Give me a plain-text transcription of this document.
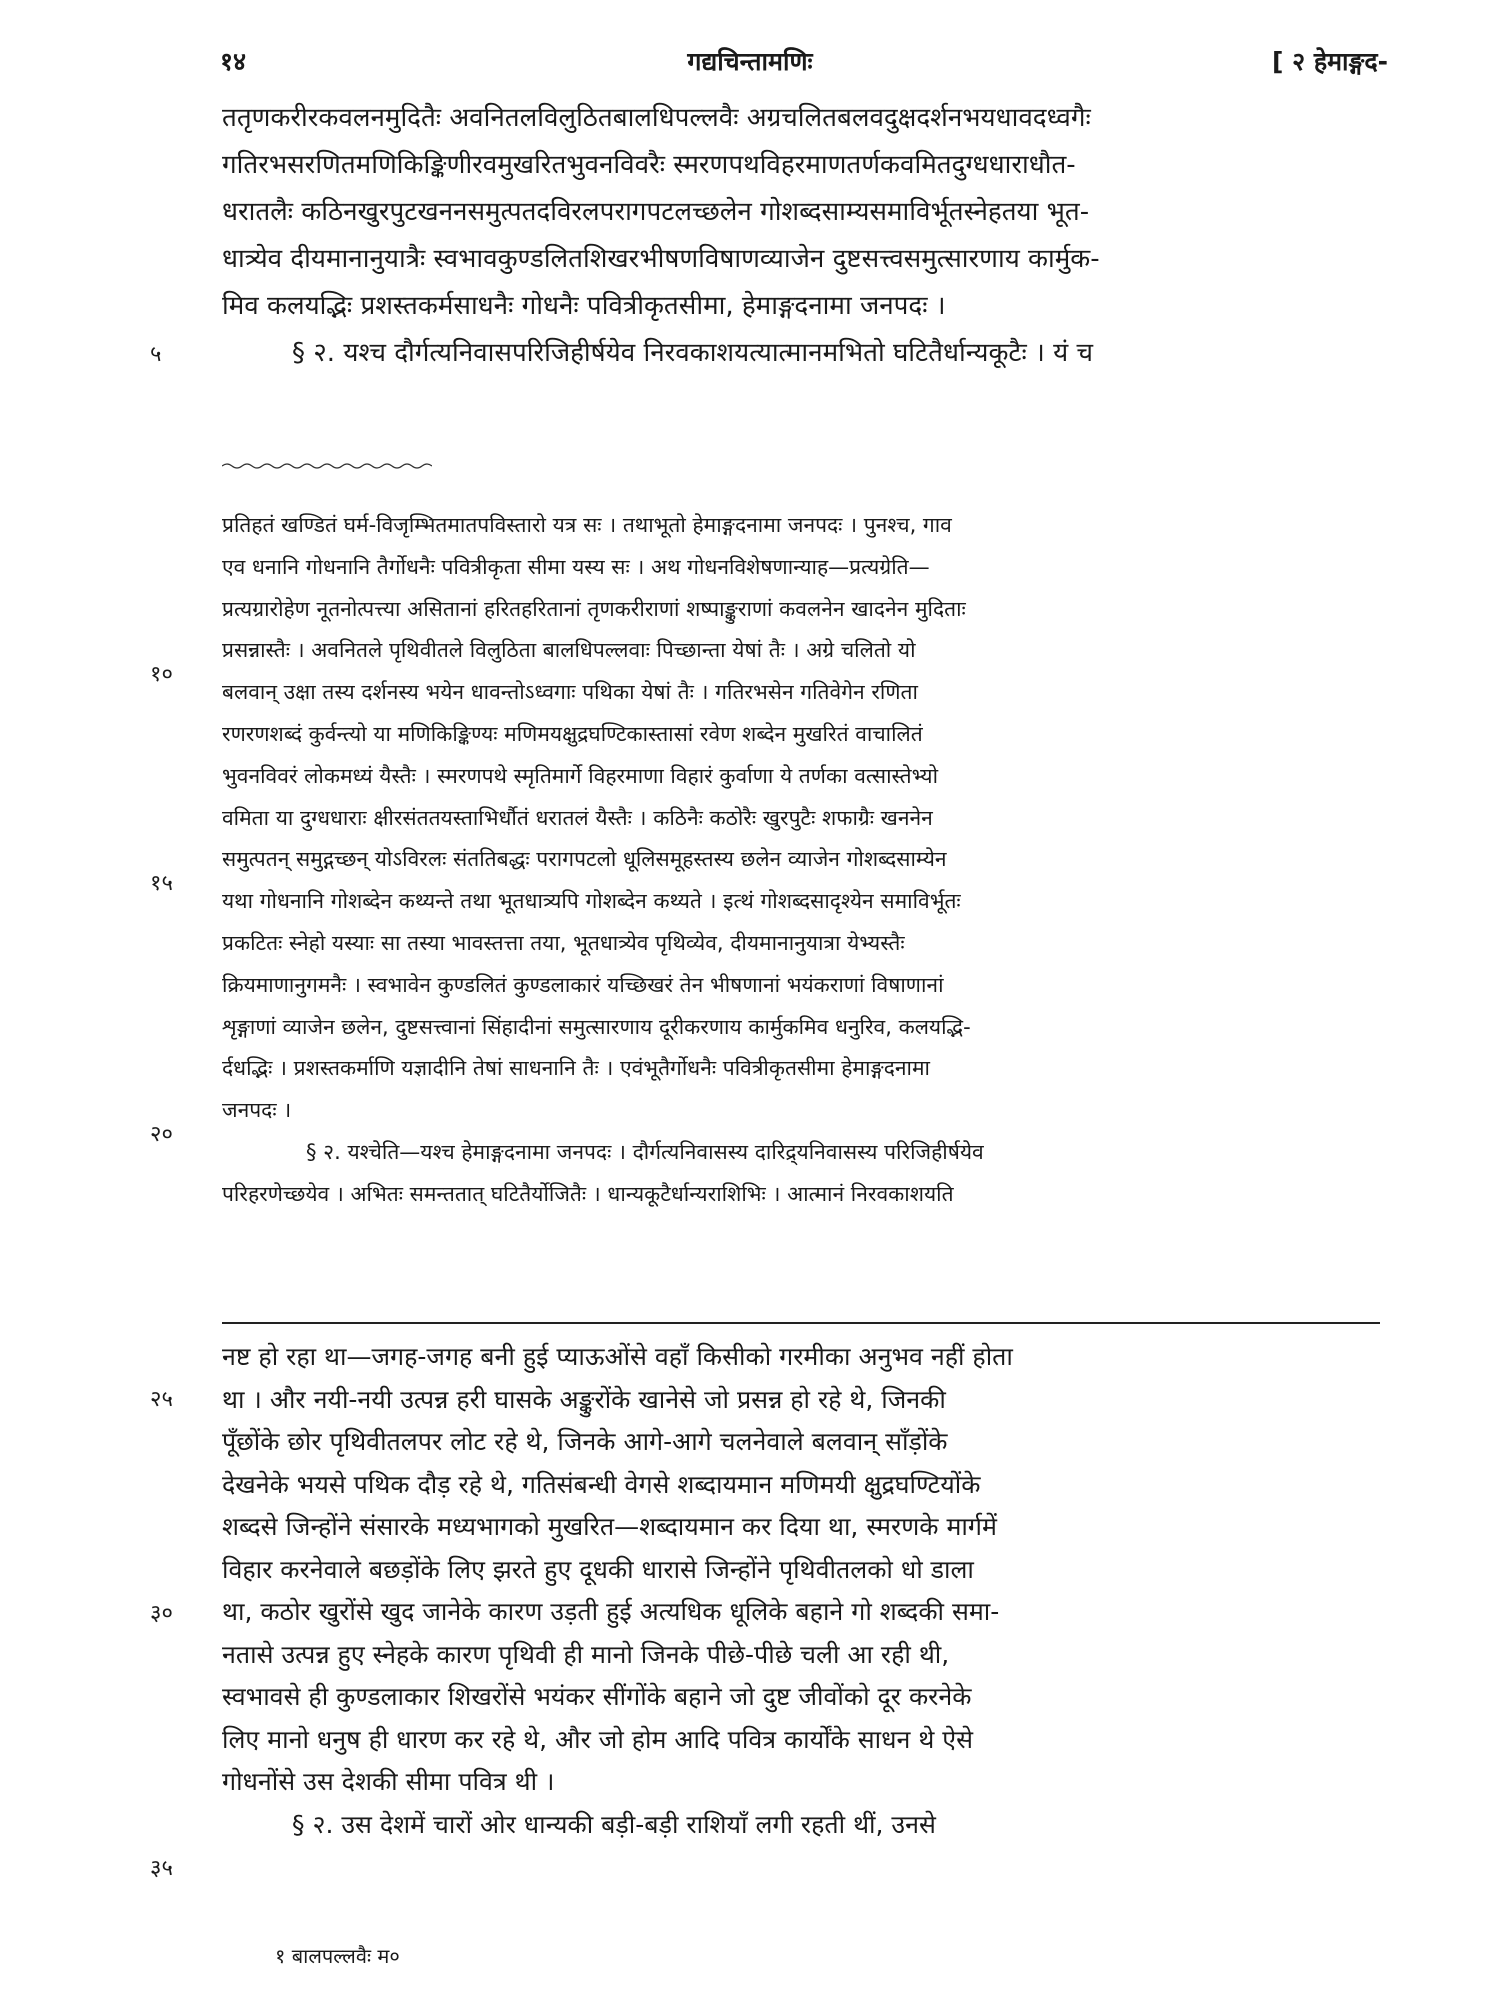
१४	गद्यचिन्तामणिः	[ २ हेमाङ्गद-
ततृणकरीरकवलनमुदितैः अवनितलविलुठितबालधिपल्लवैः अग्रचलितबलवदुक्षदर्शनभयधावदध्वगैः
गतिरभसरणितमणिकिङ्किणीरवमुखरितभुवनविवरैः स्मरणपथविहरमाणतर्णकवमितदुग्धधाराधौत-
धरातलैः कठिनखुरपुटखननसमुत्पतदविरलपरागपटलच्छलेन गोशब्दसाम्यसमाविर्भूतस्नेहतया भूत-
धात्र्येव दीयमानानुयात्रैः स्वभावकुण्डलितशिखरभीषणविषाणव्याजेन दुष्टसत्त्वसमुत्सारणाय कार्मुक-
मिव कलयद्भिः प्रशस्तकर्मसाधनैः गोधनैः पवित्रीकृतसीमा, हेमाङ्गदनामा जनपदः ।
§ २. यश्च दौर्गत्यनिवासपरिजिहीर्षयेव निरवकाशयत्यात्मानमभितो घटितैर्धान्यकूटैः । यं च
प्रतिहतं खण्डितं घर्म-विजृम्भितमातपविस्तारो यत्र सः । तथाभूतो हेमाङ्गदनामा जनपदः । पुनश्च, गाव
एव धनानि गोधनानि तैर्गोधनैः पवित्रीकृता सीमा यस्य सः । अथ गोधनविशेषणान्याह—प्रत्यग्रेति—
प्रत्यग्रारोहेण नूतनोत्पत्त्या असितानां हरितहरितानां तृणकरीराणां शष्पाङ्कुराणां कवलनेन खादनेन मुदिताः
प्रसन्नास्तैः । अवनितले पृथिवीतले विलुठिता बालधिपल्लवाः पिच्छान्ता येषां तैः । अग्रे चलितो यो
बलवान् उक्षा तस्य दर्शनस्य भयेन धावन्तोऽध्वगाः पथिका येषां तैः । गतिरभसेन गतिवेगेन रणिता
रणरणशब्दं कुर्वन्त्यो या मणिकिङ्किण्यः मणिमयक्षुद्रघण्टिकास्तासां रवेण शब्देन मुखरितं वाचालितं
भुवनविवरं लोकमध्यं यैस्तैः । स्मरणपथे स्मृतिमार्गे विहरमाणा विहारं कुर्वाणा ये तर्णका वत्सास्तेभ्यो
वमिता या दुग्धधाराः क्षीरसंततयस्ताभिर्धौतं धरातलं यैस्तैः । कठिनैः कठोरैः खुरपुटैः शफाग्रैः खननेन
समुत्पतन् समुद्गच्छन् योऽविरलः संततिबद्धः परागपटलो धूलिसमूहस्तस्य छलेन व्याजेन गोशब्दसाम्येन
यथा गोधनानि गोशब्देन कथ्यन्ते तथा भूतधात्र्यपि गोशब्देन कथ्यते । इत्थं गोशब्दसादृश्येन समाविर्भूतः
प्रकटितः स्नेहो यस्याः सा तस्या भावस्तत्ता तया, भूतधात्र्येव पृथिव्येव, दीयमानानुयात्रा येभ्यस्तैः
क्रियमाणानुगमनैः । स्वभावेन कुण्डलितं कुण्डलाकारं यच्छिखरं तेन भीषणानां भयंकराणां विषाणानां
शृङ्गाणां व्याजेन छलेन, दुष्टसत्त्वानां सिंहादीनां समुत्सारणाय दूरीकरणाय कार्मुकमिव धनुरिव, कलयद्भि-
र्दधद्भिः । प्रशस्तकर्माणि यज्ञादीनि तेषां साधनानि तैः । एवंभूतैर्गोधनैः पवित्रीकृतसीमा हेमाङ्गदनामा
जनपदः ।
§ २. यश्चेति—यश्च हेमाङ्गदनामा जनपदः । दौर्गत्यनिवासस्य दारिद्र्यनिवासस्य परिजिहीर्षयेव
परिहरणेच्छयेव । अभितः समन्ततात् घटितैर्योजितैः । धान्यकूटैर्धान्यराशिभिः । आत्मानं निरवकाशयति
नष्ट हो रहा था—जगह-जगह बनी हुई प्याऊओंसे वहाँ किसीको गरमीका अनुभव नहीं होता
था । और नयी-नयी उत्पन्न हरी घासके अङ्कुरोंके खानेसे जो प्रसन्न हो रहे थे, जिनकी
पूँछोंके छोर पृथिवीतलपर लोट रहे थे, जिनके आगे-आगे चलनेवाले बलवान् साँड़ोंके
देखनेके भयसे पथिक दौड़ रहे थे, गतिसंबन्धी वेगसे शब्दायमान मणिमयी क्षुद्रघण्टियोंके
शब्दसे जिन्होंने संसारके मध्यभागको मुखरित—शब्दायमान कर दिया था, स्मरणके मार्गमें
विहार करनेवाले बछड़ोंके लिए झरते हुए दूधकी धारासे जिन्होंने पृथिवीतलको धो डाला
था, कठोर खुरोंसे खुद जानेके कारण उड़ती हुई अत्यधिक धूलिके बहाने गो शब्दकी समा-
नतासे उत्पन्न हुए स्नेहके कारण पृथिवी ही मानो जिनके पीछे-पीछे चली आ रही थी,
स्वभावसे ही कुण्डलाकार शिखरोंसे भयंकर सींगोंके बहाने जो दुष्ट जीवोंको दूर करनेके
लिए मानो धनुष ही धारण कर रहे थे, और जो होम आदि पवित्र कार्योंके साधन थे ऐसे
गोधनोंसे उस देशकी सीमा पवित्र थी ।
§ २. उस देशमें चारों ओर धान्यकी बड़ी-बड़ी राशियाँ लगी रहती थीं, उनसे
५
१०
१५
२०
२५
३०
३५
१ बालपल्लवैः म०
